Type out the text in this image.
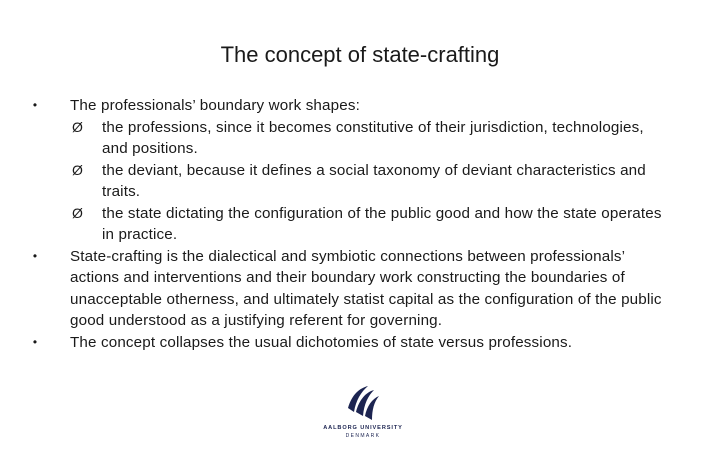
The concept of state-crafting
• The professionals’ boundary work shapes:
Ø	the professions, since it becomes constitutive of their jurisdiction, technologies, and positions.
Ø	the deviant, because it defines a social taxonomy of deviant characteristics and traits.
Ø	the state dictating the configuration of the public good and how the state operates in practice.
• State-crafting is the dialectical and symbiotic connections between professionals’ actions and interventions and their boundary work constructing the boundaries of unacceptable otherness, and ultimately statist capital as the configuration of the public good understood as a justifying referent for governing.
• The concept collapses the usual dichotomies of state versus professions.
AALBORG UNIVERSITY
DENMARK
